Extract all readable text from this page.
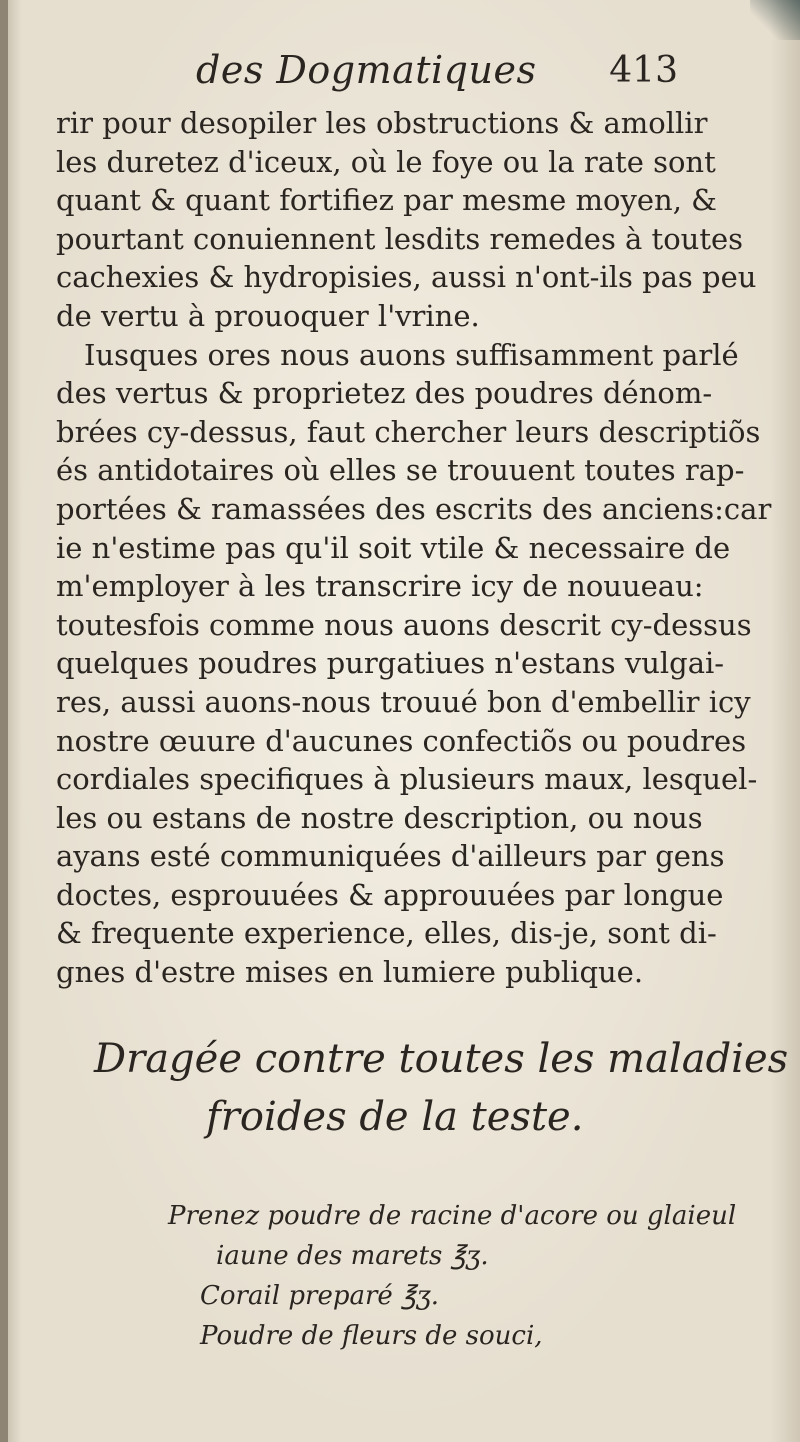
des Dogmatiques 413
rir pour desopiler les obstructions & amollir
les duretez d'iceux, où le foye ou la rate sont
quant & quant fortifiez par mesme moyen, &
pourtant conuiennent lesdits remedes à toutes
cachexies & hydropisies, aussi n'ont-ils pas peu
de vertu à prouoquer l'vrine.
Iusques ores nous auons suffisamment parlé
des vertus & proprietez des poudres dénom-
brées cy-dessus, faut chercher leurs descriptiõs
és antidotaires où elles se trouuent toutes rap-
portées & ramassées des escrits des anciens:car
ie n'estime pas qu'il soit vtile & necessaire de
m'employer à les transcrire icy de nouueau:
toutesfois comme nous auons descrit cy-dessus
quelques poudres purgatiues n'estans vulgai-
res, aussi auons-nous trouué bon d'embellir icy
nostre œuure d'aucunes confectiõs ou poudres
cordiales specifiques à plusieurs maux, lesquel-
les ou estans de nostre description, ou nous
ayans esté communiquées d'ailleurs par gens
doctes, esprouuées & approuuées par longue
& frequente experience, elles, dis-je, sont di-
gnes d'estre mises en lumiere publique.
Dragée contre toutes les maladies
froides de la teste.
Prenez poudre de racine d'acore ou glaieul
iaune des marets ℥ʒ.
Corail preparé ℥ʒ.
Poudre de fleurs de souci,
